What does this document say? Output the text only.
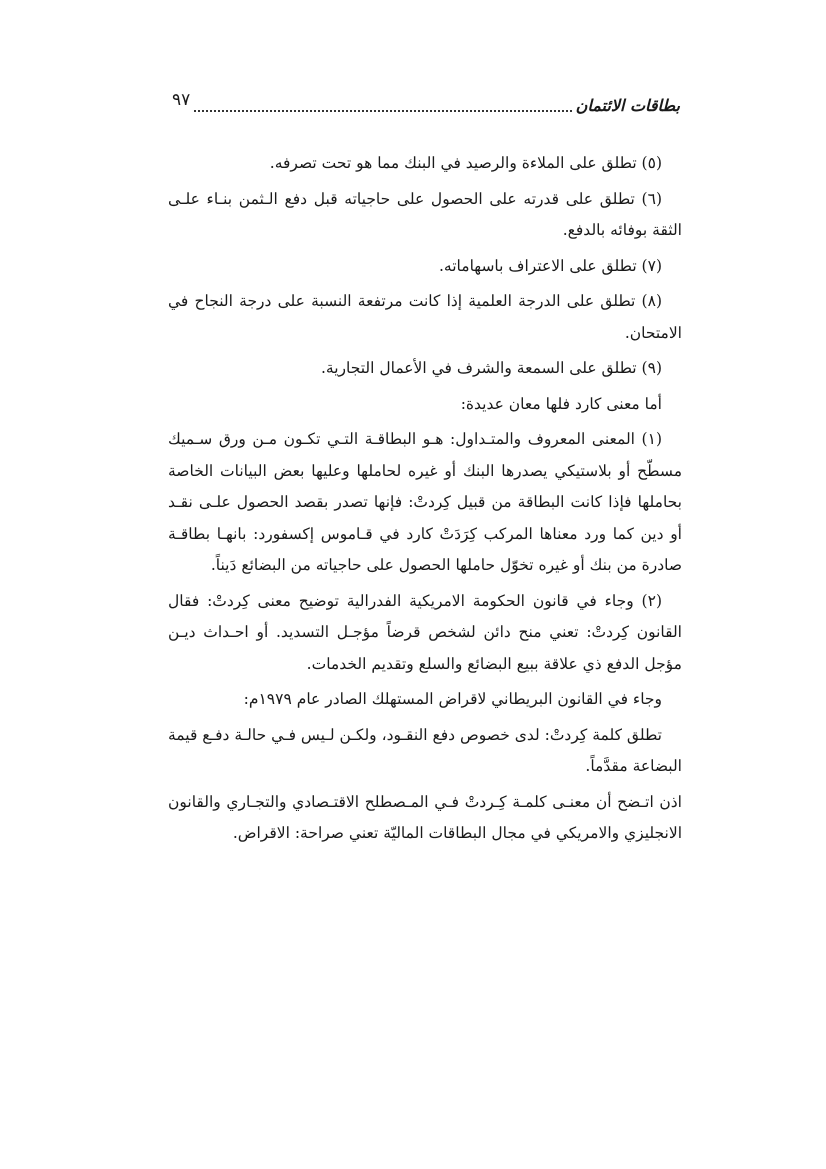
بطاقات الائتمان
٩٧

(٥) تطلق على الملاءة والرصيد في البنك مما هو تحت تصرفه.

(٦) تطلق على قدرته على الحصول على حاجياته قبل دفع الـثمن بنـاء علـى الثقة بوفائه بالدفع.

(٧) تطلق على الاعتراف باسهاماته.

(٨) تطلق على الدرجة العلمية إذا كانت مرتفعة النسبة على درجة النجاح في الامتحان.

(٩) تطلق على السمعة والشرف في الأعمال التجارية.

أما معنى كارد فلها معان عديدة:

(١) المعنى المعروف والمتـداول: هـو البطاقـة التـي تكـون مـن ورق سـميك مسطّح أو بلاستيكي يصدرها البنك أو غيره لحاملها وعليها بعض البيانات الخاصة بحاملها فإذا كانت البطاقة من قبيل كِردتْ: فإنها تصدر بقصد الحصول علـى نقـد أو دين كما ورد معناها المركب كِرَدَتْ كارد في قـاموس إكسفورد: بانهـا بطاقـة صادرة من بنك أو غيره تخوّل حاملها الحصول على حاجياته من البضائع دَيناً.

(٢) وجاء في قانون الحكومة الامريكية الفدرالية توضيح معنى كِردتْ: فقال القانون كِردتْ: تعني منح دائن لشخص قرضاً مؤجـل التسديد. أو احـداث ديـن مؤجل الدفع ذي علاقة ببيع البضائع والسلع وتقديم الخدمات.

وجاء في القانون البريطاني لاقراض المستهلك الصادر عام ١٩٧٩م:

تطلق كلمة كِردتْ: لدى خصوص دفع النقـود، ولكـن لـيس فـي حالـة دفـع قيمة البضاعة مقدَّماً.

اذن اتـضح أن معنـى كلمـة كِـردتْ فـي المـصطلح الاقتـصادي والتجـاري والقانون الانجليزي والامريكي في مجال البطاقات الماليّة تعني صراحة: الاقراض.
